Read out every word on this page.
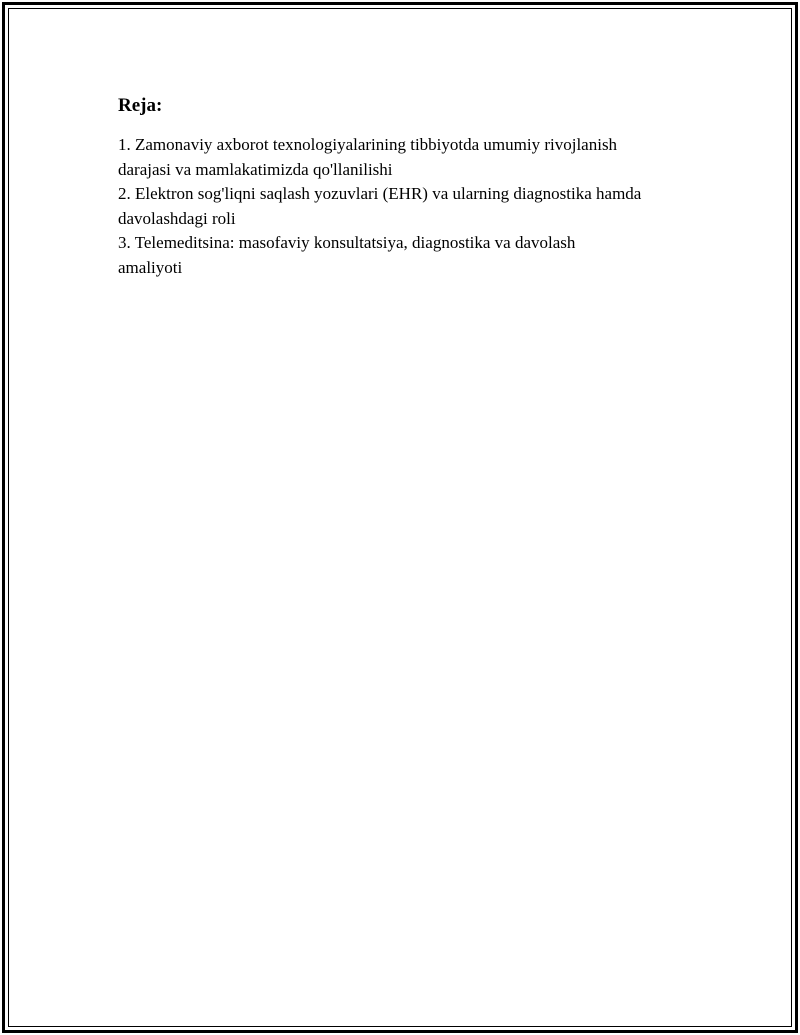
Reja:
1. Zamonaviy axborot texnologiyalarining tibbiyotda umumiy rivojlanish darajasi va mamlakatimizda qo'llanilishi
2. Elektron sog'liqni saqlash yozuvlari (EHR) va ularning diagnostika hamda davolashdagi roli
3. Telemeditsina: masofaviy konsultatsiya, diagnostika va davolash amaliyoti
